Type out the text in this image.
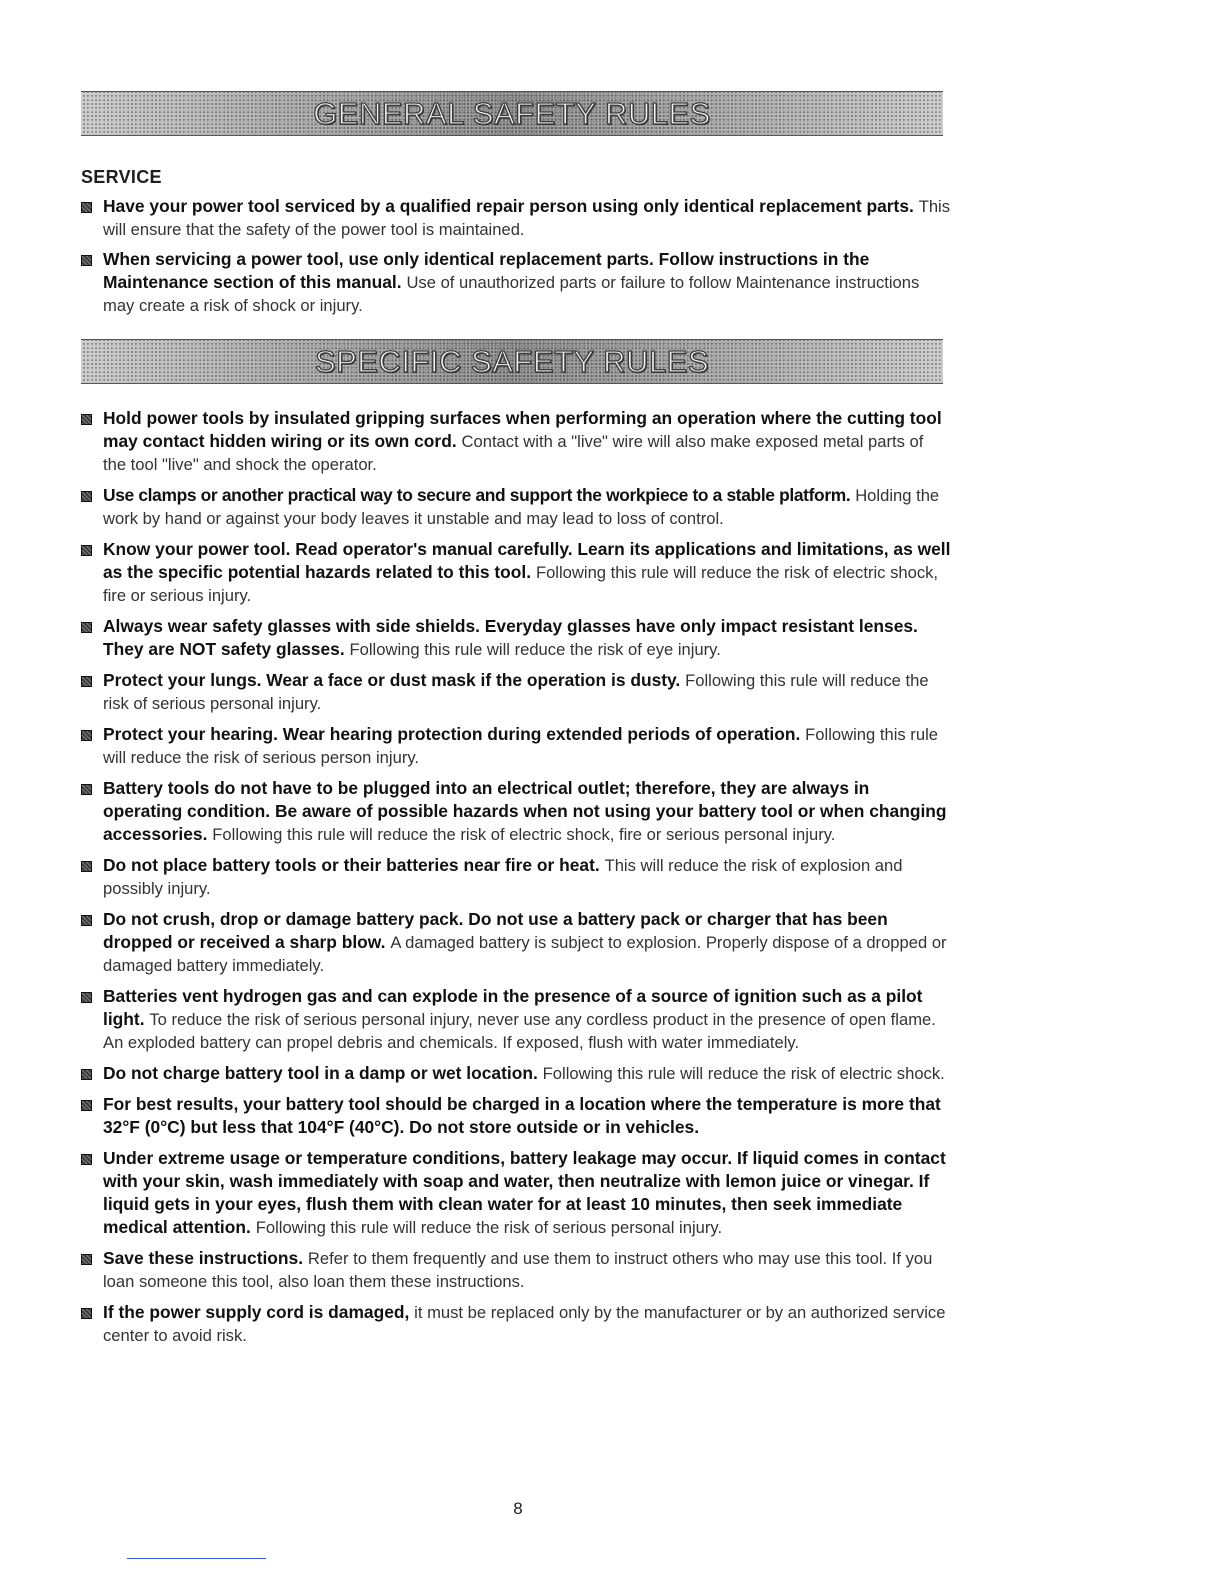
GENERAL SAFETY RULES
SERVICE
Have your power tool serviced by a qualified repair person using only identical replacement parts. This will ensure that the safety of the power tool is maintained.
When servicing a power tool, use only identical replacement parts. Follow instructions in the Maintenance section of this manual. Use of unauthorized parts or failure to follow Maintenance instructions may create a risk of shock or injury.
SPECIFIC SAFETY RULES
Hold power tools by insulated gripping surfaces when performing an operation where the cutting tool may contact hidden wiring or its own cord. Contact with a "live" wire will also make exposed metal parts of the tool "live" and shock the operator.
Use clamps or another practical way to secure and support the workpiece to a stable platform. Holding the work by hand or against your body leaves it unstable and may lead to loss of control.
Know your power tool. Read operator's manual carefully. Learn its applications and limitations, as well as the specific potential hazards related to this tool. Following this rule will reduce the risk of electric shock, fire or serious injury.
Always wear safety glasses with side shields. Everyday glasses have only impact resistant lenses. They are NOT safety glasses. Following this rule will reduce the risk of eye injury.
Protect your lungs. Wear a face or dust mask if the operation is dusty. Following this rule will reduce the risk of serious personal injury.
Protect your hearing. Wear hearing protection during extended periods of operation. Following this rule will reduce the risk of serious person injury.
Battery tools do not have to be plugged into an electrical outlet; therefore, they are always in operating condition. Be aware of possible hazards when not using your battery tool or when changing accessories. Following this rule will reduce the risk of electric shock, fire or serious personal injury.
Do not place battery tools or their batteries near fire or heat. This will reduce the risk of explosion and possibly injury.
Do not crush, drop or damage battery pack. Do not use a battery pack or charger that has been dropped or received a sharp blow. A damaged battery is subject to explosion. Properly dispose of a dropped or damaged battery immediately.
Batteries vent hydrogen gas and can explode in the presence of a source of ignition such as a pilot light. To reduce the risk of serious personal injury, never use any cordless product in the presence of open flame. An exploded battery can propel debris and chemicals. If exposed, flush with water immediately.
Do not charge battery tool in a damp or wet location. Following this rule will reduce the risk of electric shock.
For best results, your battery tool should be charged in a location where the temperature is more that 32°F (0°C) but less that 104°F (40°C). Do not store outside or in vehicles.
Under extreme usage or temperature conditions, battery leakage may occur. If liquid comes in contact with your skin, wash immediately with soap and water, then neutralize with lemon juice or vinegar. If liquid gets in your eyes, flush them with clean water for at least 10 minutes, then seek immediate medical attention. Following this rule will reduce the risk of serious personal injury.
Save these instructions. Refer to them frequently and use them to instruct others who may use this tool. If you loan someone this tool, also loan them these instructions.
If the power supply cord is damaged, it must be replaced only by the manufacturer or by an authorized service center to avoid risk.
8
